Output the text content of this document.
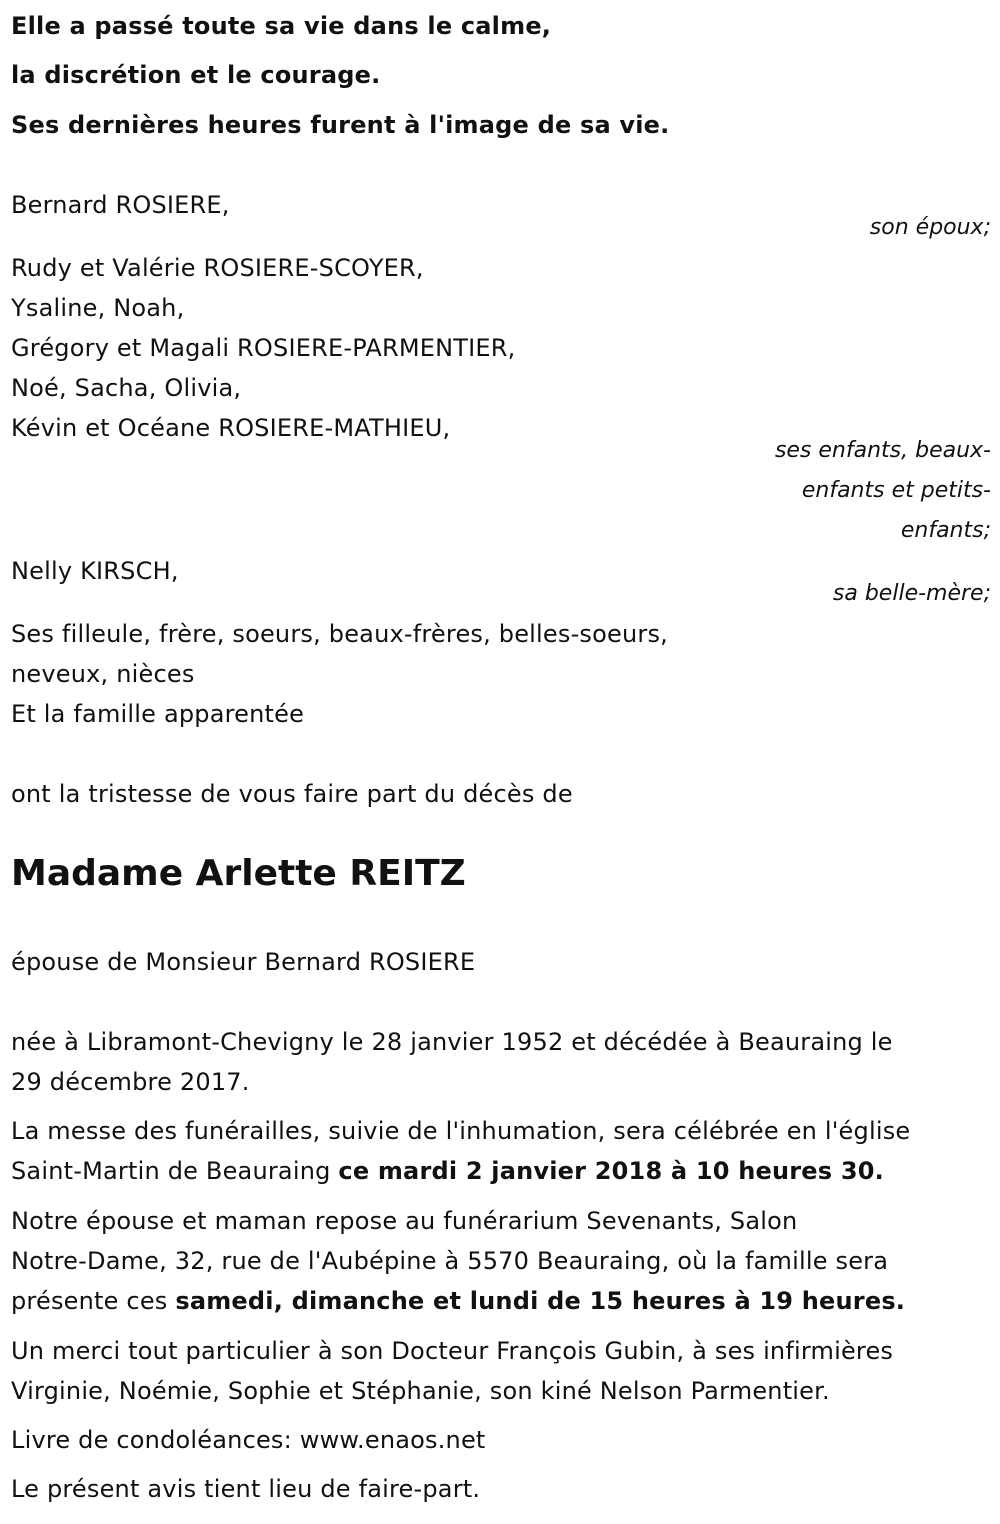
Elle a passé toute sa vie dans le calme,
la discrétion et le courage.
Ses dernières heures furent à l'image de sa vie.
Bernard ROSIERE,
son époux;
Rudy et Valérie ROSIERE-SCOYER,
Ysaline, Noah,
Grégory et Magali ROSIERE-PARMENTIER,
Noé, Sacha, Olivia,
Kévin et Océane ROSIERE-MATHIEU,
ses enfants, beaux-
enfants et petits-
enfants;
Nelly KIRSCH,
sa belle-mère;
Ses filleule, frère, soeurs, beaux-frères, belles-soeurs,
neveux, nièces
Et la famille apparentée
ont la tristesse de vous faire part du décès de
Madame Arlette REITZ
épouse de Monsieur Bernard ROSIERE
née à Libramont-Chevigny le 28 janvier 1952 et décédée à Beauraing le
29 décembre 2017.
La messe des funérailles, suivie de l'inhumation, sera célébrée en l'église
Saint-Martin de Beauraing ce mardi 2 janvier 2018 à 10 heures 30.
Notre épouse et maman repose au funérarium Sevenants, Salon
Notre-Dame, 32, rue de l'Aubépine à 5570 Beauraing, où la famille sera
présente ces samedi, dimanche et lundi de 15 heures à 19 heures.
Un merci tout particulier à son Docteur François Gubin, à ses infirmières
Virginie, Noémie, Sophie et Stéphanie, son kiné Nelson Parmentier.
Livre de condoléances: www.enaos.net
Le présent avis tient lieu de faire-part.
